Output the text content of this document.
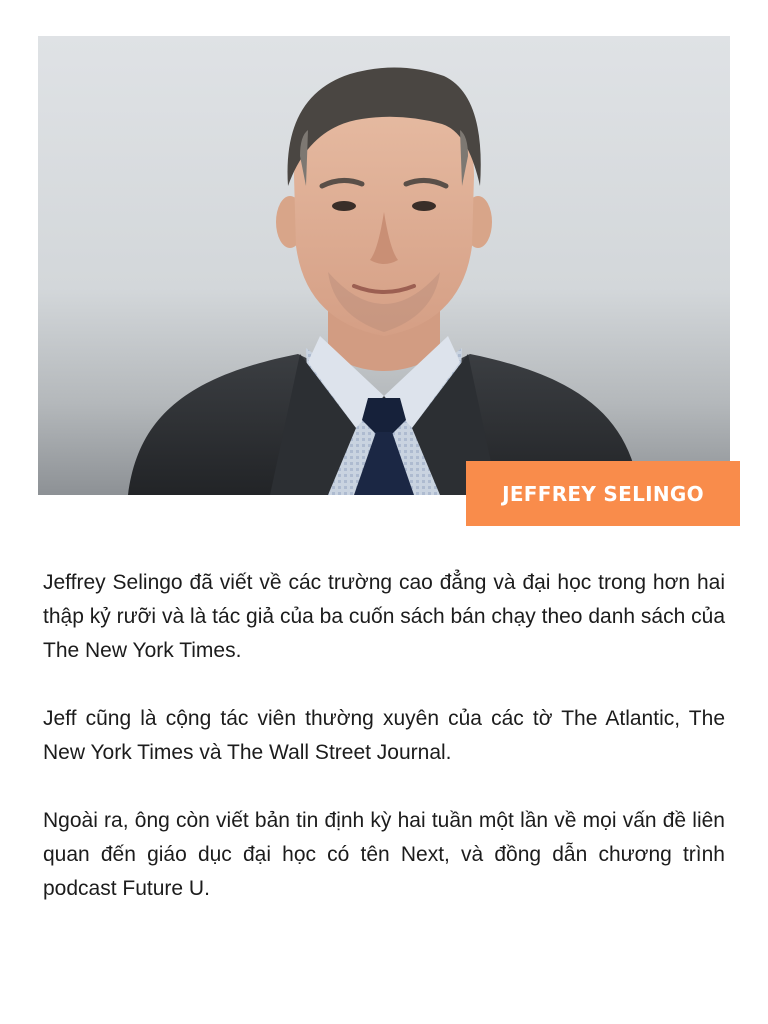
JEFFREY SELINGO

Jeffrey Selingo đã viết về các trường cao đẳng và đại học trong hơn hai thập kỷ rưỡi và là tác giả của ba cuốn sách bán chạy theo danh sách của The New York Times.

Jeff cũng là cộng tác viên thường xuyên của các tờ The Atlantic, The New York Times và The Wall Street Journal.

Ngoài ra, ông còn viết bản tin định kỳ hai tuần một lần về mọi vấn đề liên quan đến giáo dục đại học có tên Next, và đồng dẫn chương trình podcast Future U.
